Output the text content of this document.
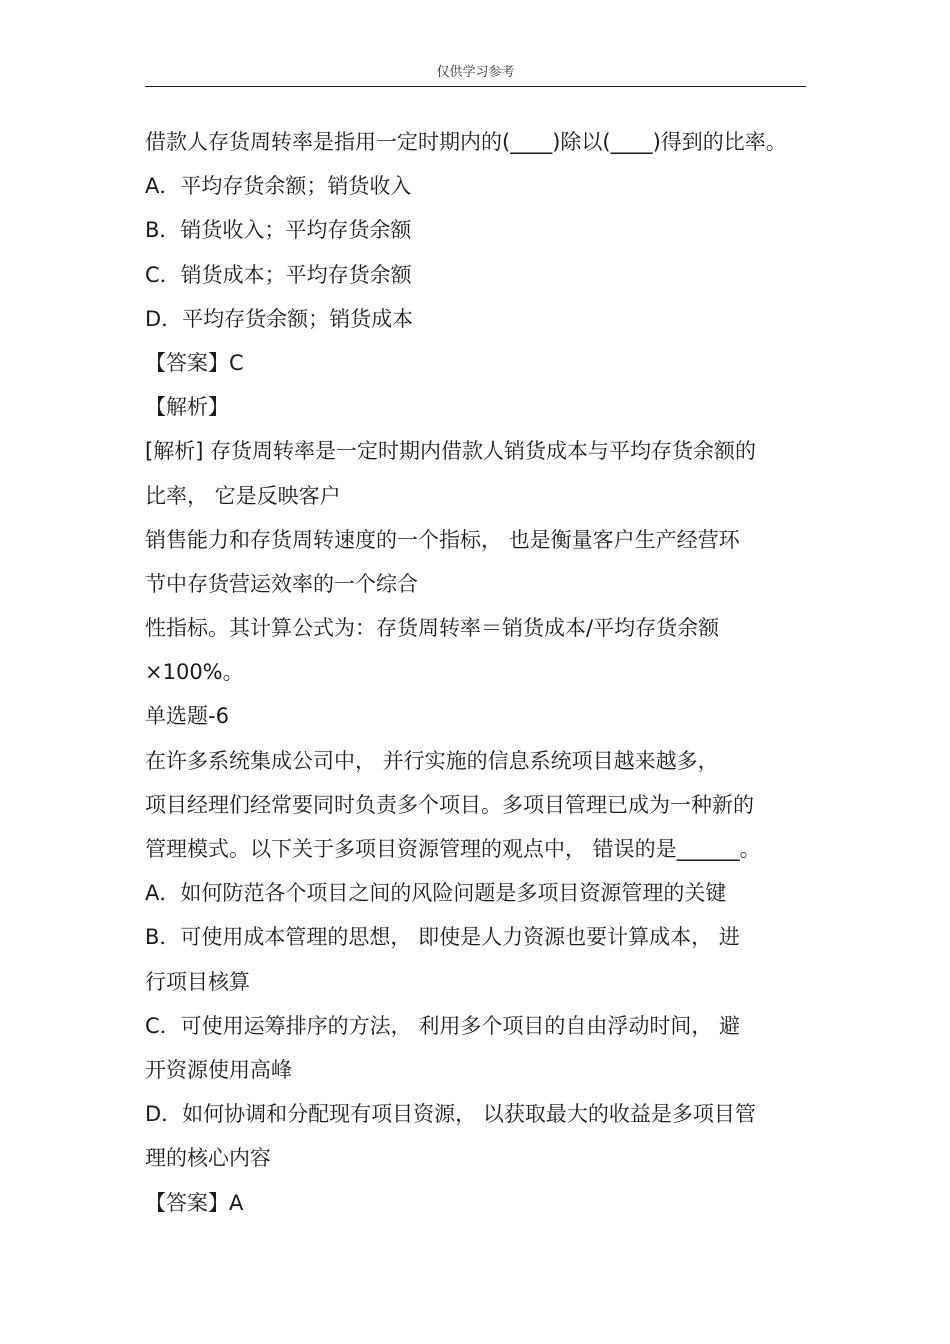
仅供学习参考
借款人存货周转率是指用一定时期内的(____)除以(____)得到的比率。
A．平均存货余额；销货收入
B．销货收入；平均存货余额
C．销货成本；平均存货余额
D．平均存货余额；销货成本
【答案】C
【解析】
[解析] 存货周转率是一定时期内借款人销货成本与平均存货余额的
比率， 它是反映客户
销售能力和存货周转速度的一个指标， 也是衡量客户生产经营环
节中存货营运效率的一个综合
性指标。其计算公式为：存货周转率＝销货成本/平均存货余额
×100%。
单选题-6
在许多系统集成公司中， 并行实施的信息系统项目越来越多，
项目经理们经常要同时负责多个项目。多项目管理已成为一种新的
管理模式。以下关于多项目资源管理的观点中， 错误的是______。
A．如何防范各个项目之间的风险问题是多项目资源管理的关键
B．可使用成本管理的思想， 即使是人力资源也要计算成本， 进
行项目核算
C．可使用运筹排序的方法， 利用多个项目的自由浮动时间， 避
开资源使用高峰
D．如何协调和分配现有项目资源， 以获取最大的收益是多项目管
理的核心内容
【答案】A
